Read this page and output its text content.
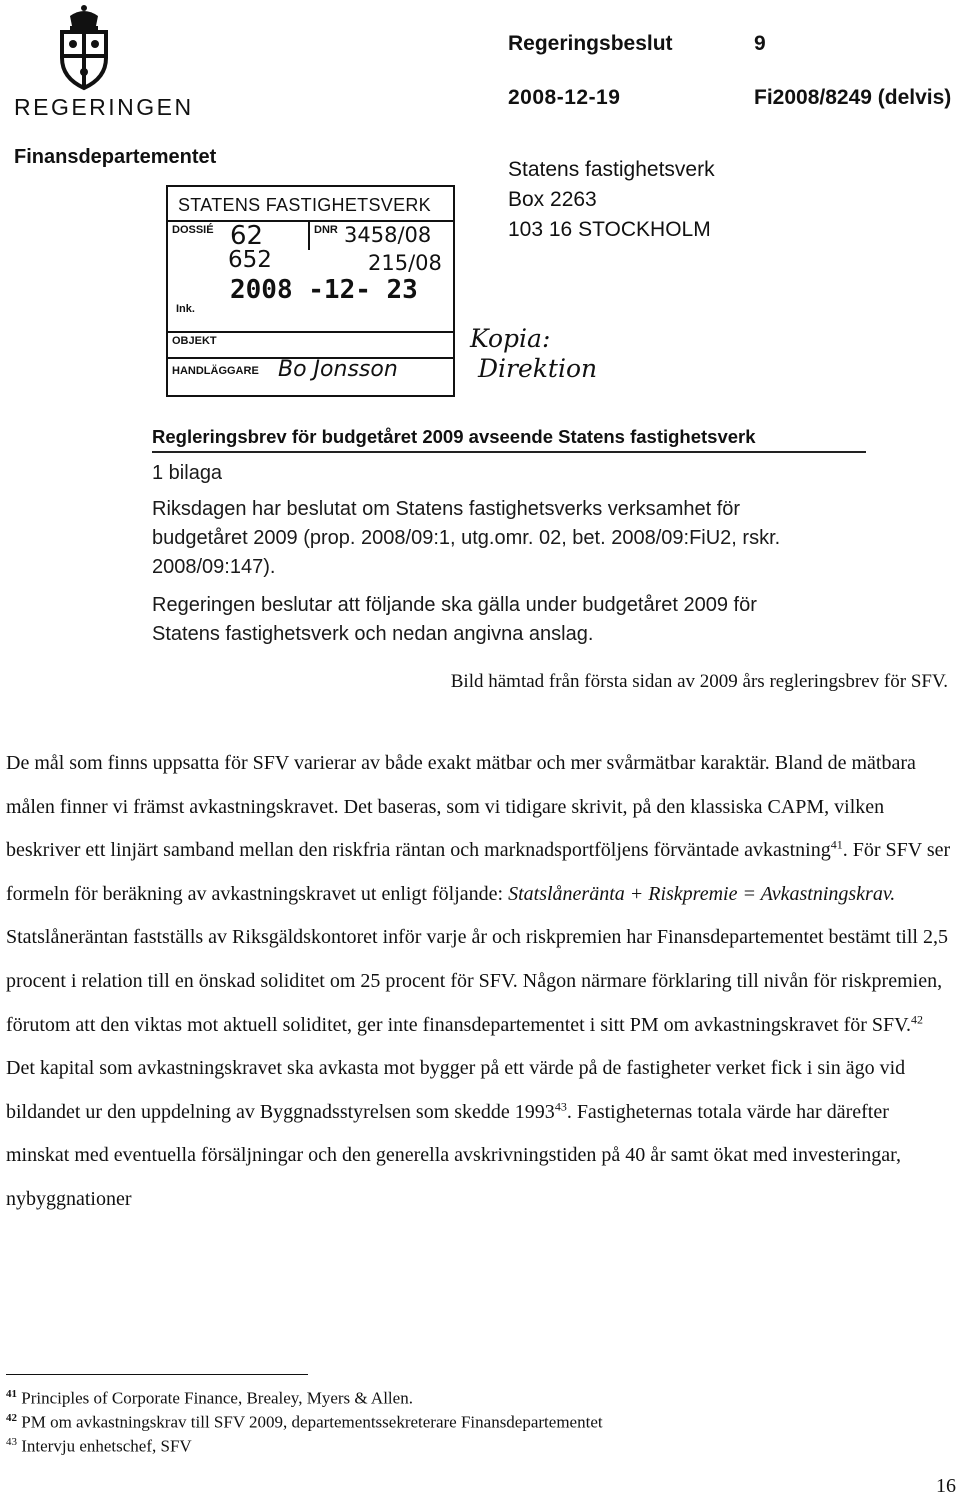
REGERINGEN
Finansdepartementet
Regeringsbeslut	9
2008-12-19	Fi2008/8249 (delvis)
Statens fastighetsverk
Box 2263
103 16 STOCKHOLM
STATENS FASTIGHETSVERK
DOSSIÉ 62	DNR 3458/08
652	215/08
2008 -12- 23
Ink.
OBJEKT
HANDLÄGGARE Bo Jonsson
Kopia:
Direktion
Regleringsbrev för budgetåret 2009 avseende Statens fastighetsverk
1 bilaga
Riksdagen har beslutat om Statens fastighetsverks verksamhet för
budgetåret 2009 (prop. 2008/09:1, utg.omr. 02, bet. 2008/09:FiU2, rskr.
2008/09:147).
Regeringen beslutar att följande ska gälla under budgetåret 2009 för
Statens fastighetsverk och nedan angivna anslag.
Bild hämtad från första sidan av 2009 års regleringsbrev för SFV.

De mål som finns uppsatta för SFV varierar av både exakt mätbar och mer svårmätbar karaktär. Bland de mätbara målen finner vi främst avkastningskravet. Det baseras, som vi tidigare skrivit, på den klassiska CAPM, vilken beskriver ett linjärt samband mellan den riskfria räntan och marknadsportföljens förväntade avkastning$^{41}$. För SFV ser formeln för beräkning av avkastningskravet ut enligt följande: Statslåneränta + Riskpremie = Avkastningskrav. Statslåneräntan fastställs av Riksgäldskontoret inför varje år och riskpremien har Finansdepartementet bestämt till 2,5 procent i relation till en önskad soliditet om 25 procent för SFV. Någon närmare förklaring till nivån för riskpremien, förutom att den viktas mot aktuell soliditet, ger inte finansdepartementet i sitt PM om avkastningskravet för SFV.$^{42}$ Det kapital som avkastningskravet ska avkasta mot bygger på ett värde på de fastigheter verket fick i sin ägo vid bildandet ur den uppdelning av Byggnadsstyrelsen som skedde 1993$^{43}$. Fastigheternas totala värde har därefter minskat med eventuella försäljningar och den generella avskrivningstiden på 40 år samt ökat med investeringar, nybyggnationer

$^{41}$ Principles of Corporate Finance, Brealey, Myers & Allen.
$^{42}$ PM om avkastningskrav till SFV 2009, departementssekreterare Finansdepartementet
$^{43}$ Intervju enhetschef, SFV
16
